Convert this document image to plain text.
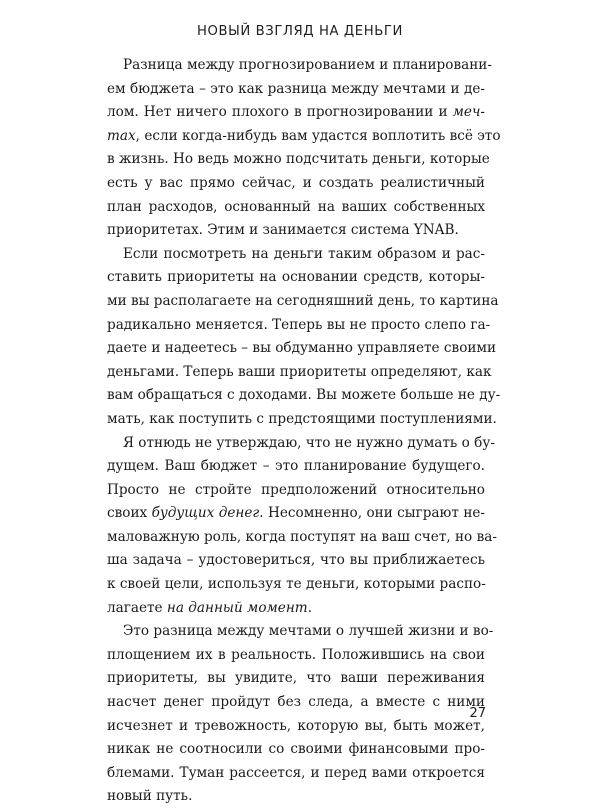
НОВЫЙ ВЗГЛЯД НА ДЕНЬГИ

Разница между прогнозированием и планировани-
ем бюджета – это как разница между мечтами и де-
лом. Нет ничего плохого в прогнозировании и меч-
тах, если когда-нибудь вам удастся воплотить всё это
в жизнь. Но ведь можно подсчитать деньги, которые
есть у вас прямо сейчас, и создать реалистичный
план расходов, основанный на ваших собственных
приоритетах. Этим и занимается система YNAB.

Если посмотреть на деньги таким образом и рас-
ставить приоритеты на основании средств, которы-
ми вы располагаете на сегодняшний день, то картина
радикально меняется. Теперь вы не просто слепо га-
даете и надеетесь – вы обдуманно управляете своими
деньгами. Теперь ваши приоритеты определяют, как
вам обращаться с доходами. Вы можете больше не ду-
мать, как поступить с предстоящими поступлениями.

Я отнюдь не утверждаю, что не нужно думать о бу-
дущем. Ваш бюджет – это планирование будущего.
Просто не стройте предположений относительно
своих будущих денег. Несомненно, они сыграют не-
маловажную роль, когда поступят на ваш счет, но ва-
ша задача – удостовериться, что вы приближаетесь
к своей цели, используя те деньги, которыми распо-
лагаете на данный момент.

Это разница между мечтами о лучшей жизни и во-
площением их в реальность. Положившись на свои
приоритеты, вы увидите, что ваши переживания
насчет денег пройдут без следа, а вместе с ними
исчезнет и тревожность, которую вы, быть может,
никак не соотносили со своими финансовыми про-
блемами. Туман рассеется, и перед вами откроется
новый путь.

27
